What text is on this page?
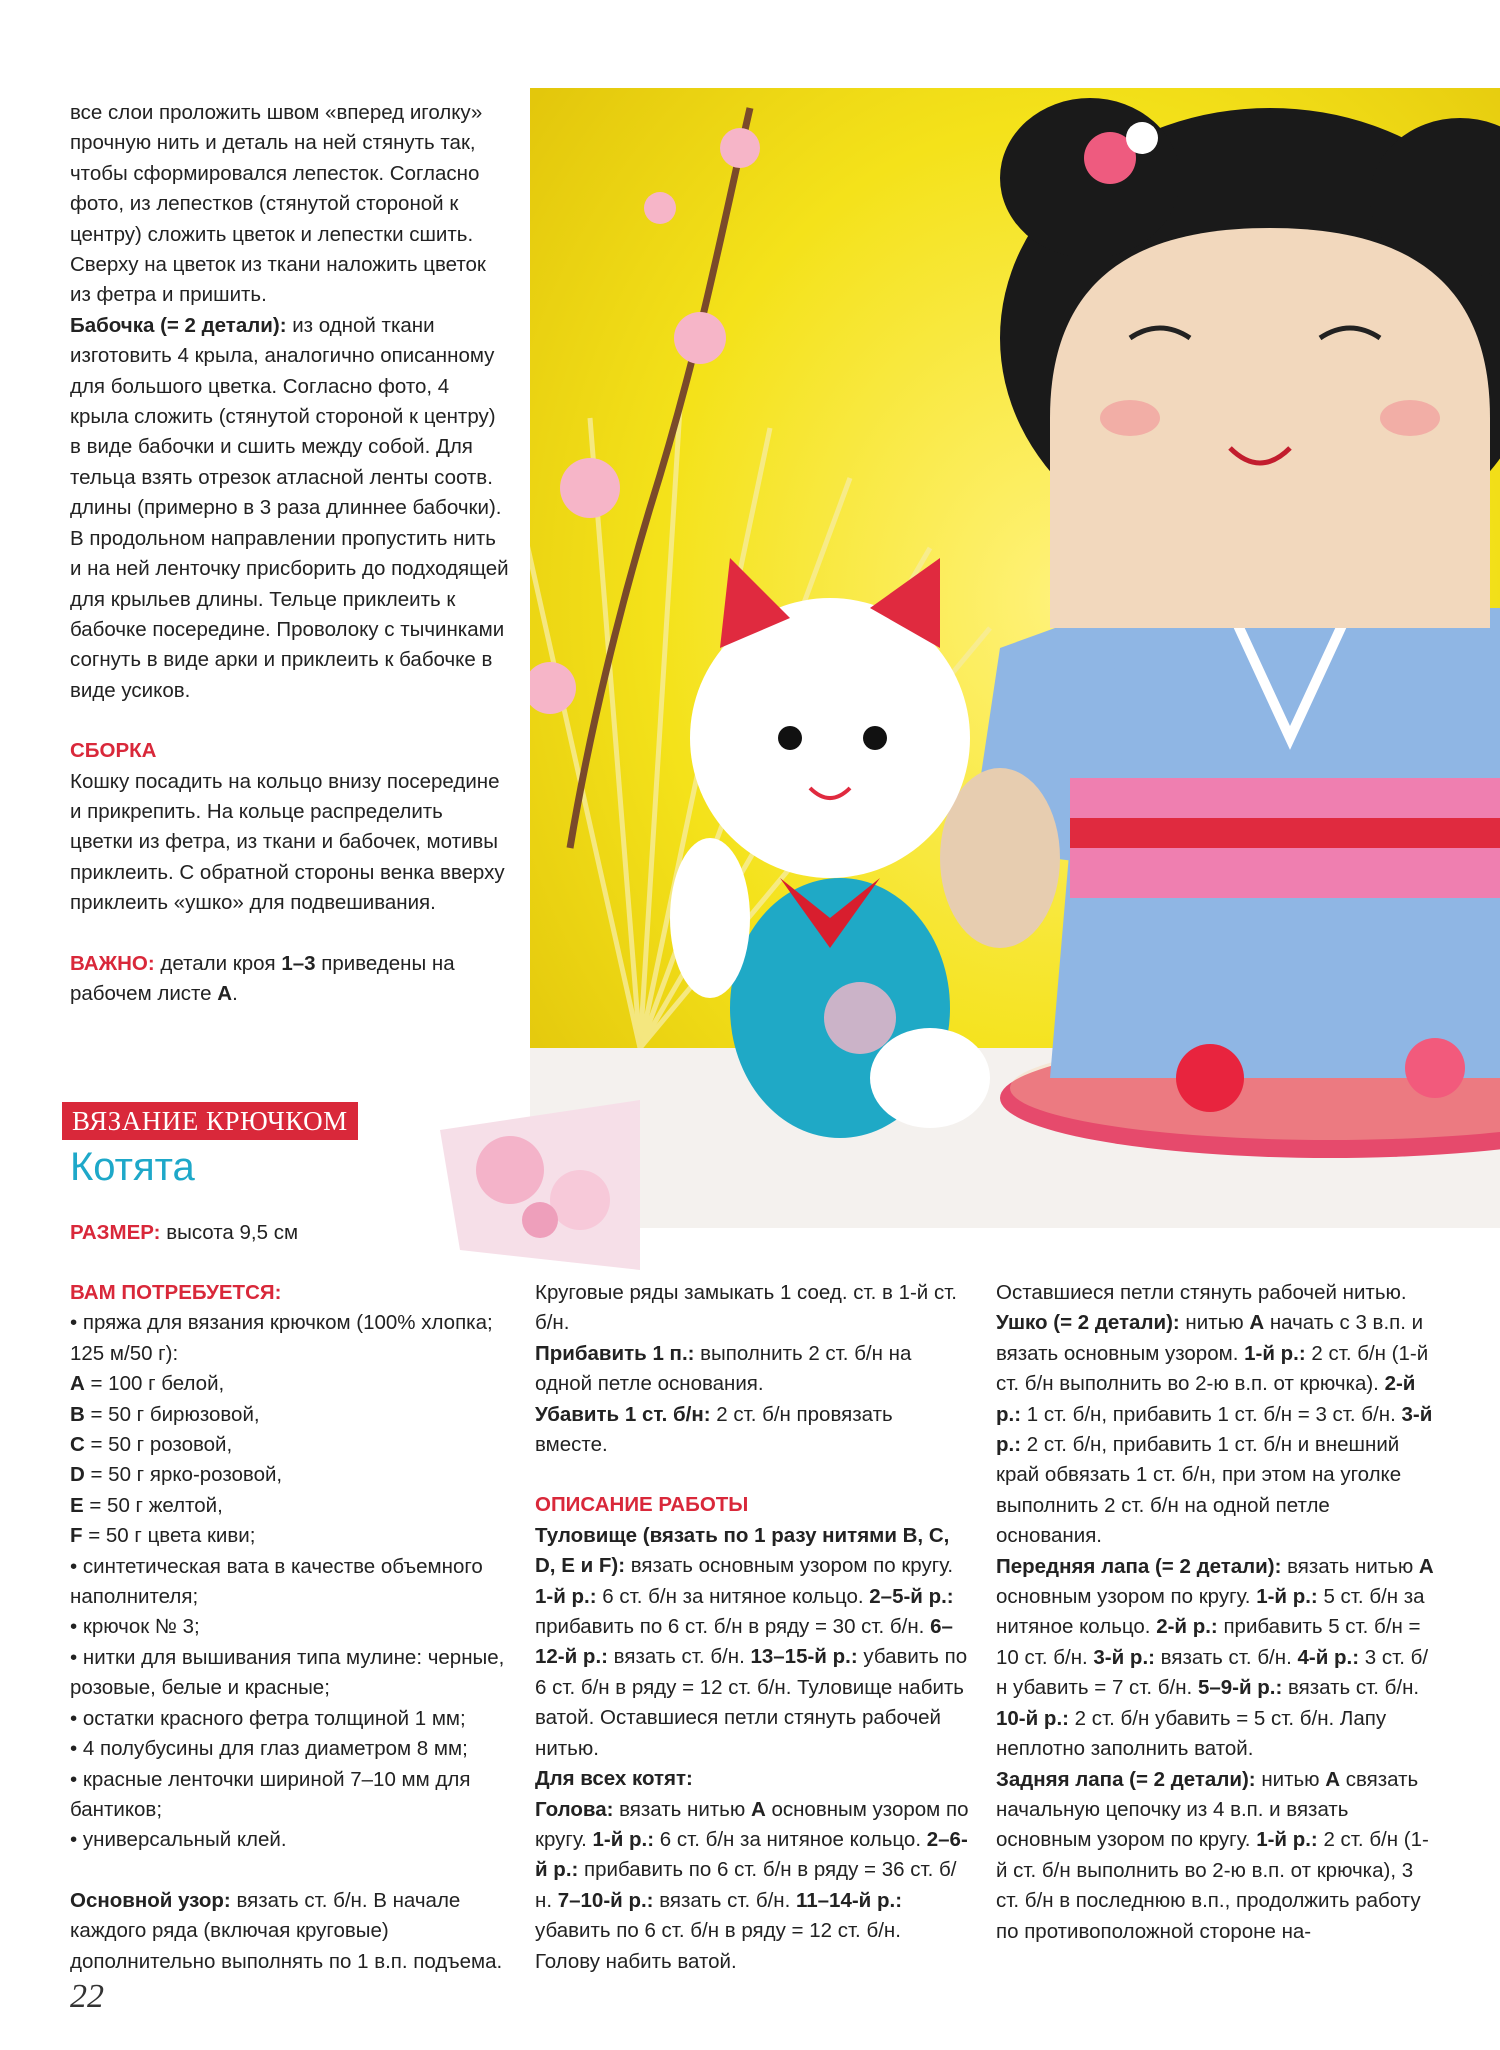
все слои проложить швом «вперед иголку» прочную нить и деталь на ней стянуть так, чтобы сформировался лепесток. Согласно фото, из лепестков (стянутой стороной к центру) сложить цветок и лепестки сшить. Сверху на цветок из ткани наложить цветок из фетра и пришить.

Бабочка (= 2 детали): из одной ткани изготовить 4 крыла, аналогично описанному для большого цветка. Согласно фото, 4 крыла сложить (стянутой стороной к центру) в виде бабочки и сшить между собой. Для тельца взять отрезок атласной ленты соотв. длины (примерно в 3 раза длиннее бабочки). В продольном направлении пропустить нить и на ней ленточку присборить до подходящей для крыльев длины. Тельце приклеить к бабочке посередине. Проволоку с тычинками согнуть в виде арки и приклеить к бабочке в виде усиков.

СБОРКА

Кошку посадить на кольцо внизу посередине и прикрепить. На кольце распределить цветки из фетра, из ткани и бабочек, мотивы приклеить. С обратной стороны венка вверху приклеить «ушко» для подвешивания.

ВАЖНО: детали кроя 1–3 приведены на рабочем листе A.

ВЯЗАНИЕ КРЮЧКОМ
Котята
РАЗМЕР: высота 9,5 см

ВАМ ПОТРЕБУЕТСЯ:

• пряжа для вязания крючком (100% хлопка; 125 м/50 г):

A = 100 г белой,

B = 50 г бирюзовой,

C = 50 г розовой,

D = 50 г ярко-розовой,

E = 50 г желтой,

F = 50 г цвета киви;

• синтетическая вата в качестве объемного наполнителя;

• крючок № 3;

• нитки для вышивания типа мулине: черные, розовые, белые и красные;

• остатки красного фетра толщиной 1 мм;

• 4 полубусины для глаз диаметром 8 мм;

• красные ленточки шириной 7–10 мм для бантиков;

• универсальный клей.

Основной узор: вязать ст. б/н. В начале каждого ряда (включая круговые) дополнительно выполнять по 1 в.п. подъема.

Круговые ряды замыкать 1 соед. ст. в 1-й ст. б/н.

Прибавить 1 п.: выполнить 2 ст. б/н на одной петле основания.

Убавить 1 ст. б/н: 2 ст. б/н провязать вместе.

ОПИСАНИЕ РАБОТЫ

Туловище (вязать по 1 разу нитями B, C, D, E и F): вязать основным узором по кругу. 1-й р.: 6 ст. б/н за нитяное кольцо. 2–5-й р.: прибавить по 6 ст. б/н в ряду = 30 ст. б/н. 6–12-й р.: вязать ст. б/н. 13–15-й р.: убавить по 6 ст. б/н в ряду = 12 ст. б/н. Туловище набить ватой. Оставшиеся петли стянуть рабочей нитью.

Для всех котят:

Голова: вязать нитью A основным узором по кругу. 1-й р.: 6 ст. б/н за нитяное кольцо. 2–6-й р.: прибавить по 6 ст. б/н в ряду = 36 ст. б/н. 7–10-й р.: вязать ст. б/н. 11–14-й р.: убавить по 6 ст. б/н в ряду = 12 ст. б/н. Голову набить ватой.

Оставшиеся петли стянуть рабочей нитью.

Ушко (= 2 детали): нитью A начать с 3 в.п. и вязать основным узором. 1-й р.: 2 ст. б/н (1-й ст. б/н выполнить во 2-ю в.п. от крючка). 2-й р.: 1 ст. б/н, прибавить 1 ст. б/н = 3 ст. б/н. 3-й р.: 2 ст. б/н, прибавить 1 ст. б/н и внешний край обвязать 1 ст. б/н, при этом на уголке выполнить 2 ст. б/н на одной петле основания.

Передняя лапа (= 2 детали): вязать нитью A основным узором по кругу. 1-й р.: 5 ст. б/н за нитяное кольцо. 2-й р.: прибавить 5 ст. б/н = 10 ст. б/н. 3-й р.: вязать ст. б/н. 4-й р.: 3 ст. б/н убавить = 7 ст. б/н. 5–9-й р.: вязать ст. б/н. 10-й р.: 2 ст. б/н убавить = 5 ст. б/н. Лапу неплотно заполнить ватой.

Задняя лапа (= 2 детали): нитью A связать начальную цепочку из 4 в.п. и вязать основным узором по кругу. 1-й р.: 2 ст. б/н (1-й ст. б/н выполнить во 2-ю в.п. от крючка), 3 ст. б/н в последнюю в.п., продолжить работу по противоположной стороне на-

22
